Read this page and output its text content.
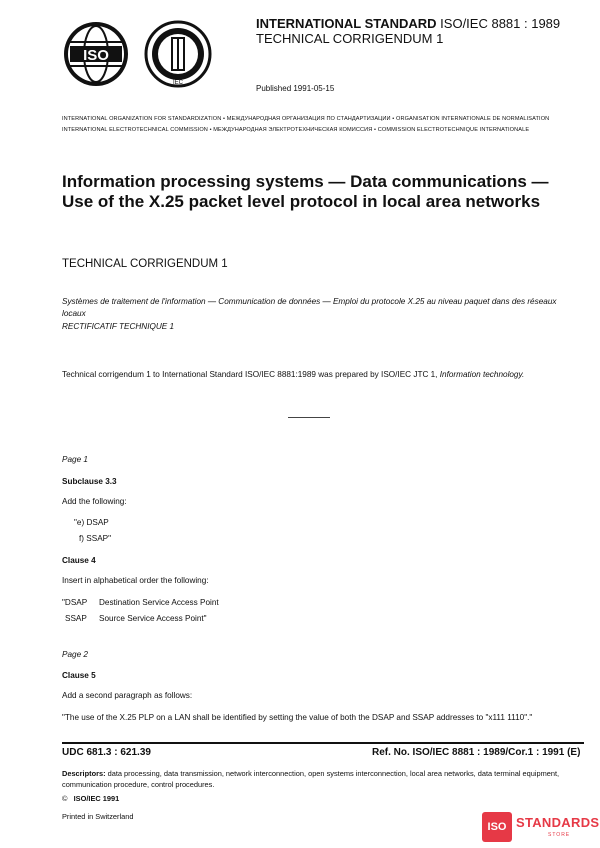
ISO
IEC
INTERNATIONAL STANDARD ISO/IEC 8881 : 1989
TECHNICAL CORRIGENDUM 1
Published 1991-05-15
INTERNATIONAL ORGANIZATION FOR STANDARDIZATION • МЕЖДУНАРОДНАЯ ОРГАНИЗАЦИЯ ПО СТАНДАРТИЗАЦИИ • ORGANISATION INTERNATIONALE DE NORMALISATION
INTERNATIONAL ELECTROTECHNICAL COMMISSION • МЕЖДУНАРОДНАЯ ЭЛЕКТРОТЕХНИЧЕСКАЯ КОМИССИЯ • COMMISSION ELECTROTECHNIQUE INTERNATIONALE
Information processing systems — Data communications — Use of the X.25 packet level protocol in local area networks
TECHNICAL CORRIGENDUM 1
Systèmes de traitement de l'information — Communication de données — Emploi du protocole X.25 au niveau paquet dans des réseaux locaux
RECTIFICATIF TECHNIQUE 1
Technical corrigendum 1 to International Standard ISO/IEC 8881:1989 was prepared by ISO/IEC JTC 1, Information technology.
Page 1
Subclause 3.3
Add the following:
"e) DSAP
f) SSAP"
Clause 4
Insert in alphabetical order the following:
"DSAP Destination Service Access Point
SSAP Source Service Access Point"
Page 2
Clause 5
Add a second paragraph as follows:
"The use of the X.25 PLP on a LAN shall be identified by setting the value of both the DSAP and SSAP addresses to "x111 1110"."
UDC 681.3 : 621.39	Ref. No. ISO/IEC 8881 : 1989/Cor.1 : 1991 (E)
Descriptors: data processing, data transmission, network interconnection, open systems interconnection, local area networks, data terminal equipment, communication procedure, control procedures.
© ISO/IEC 1991
Printed in Switzerland
ISO STANDARDS
STORE
